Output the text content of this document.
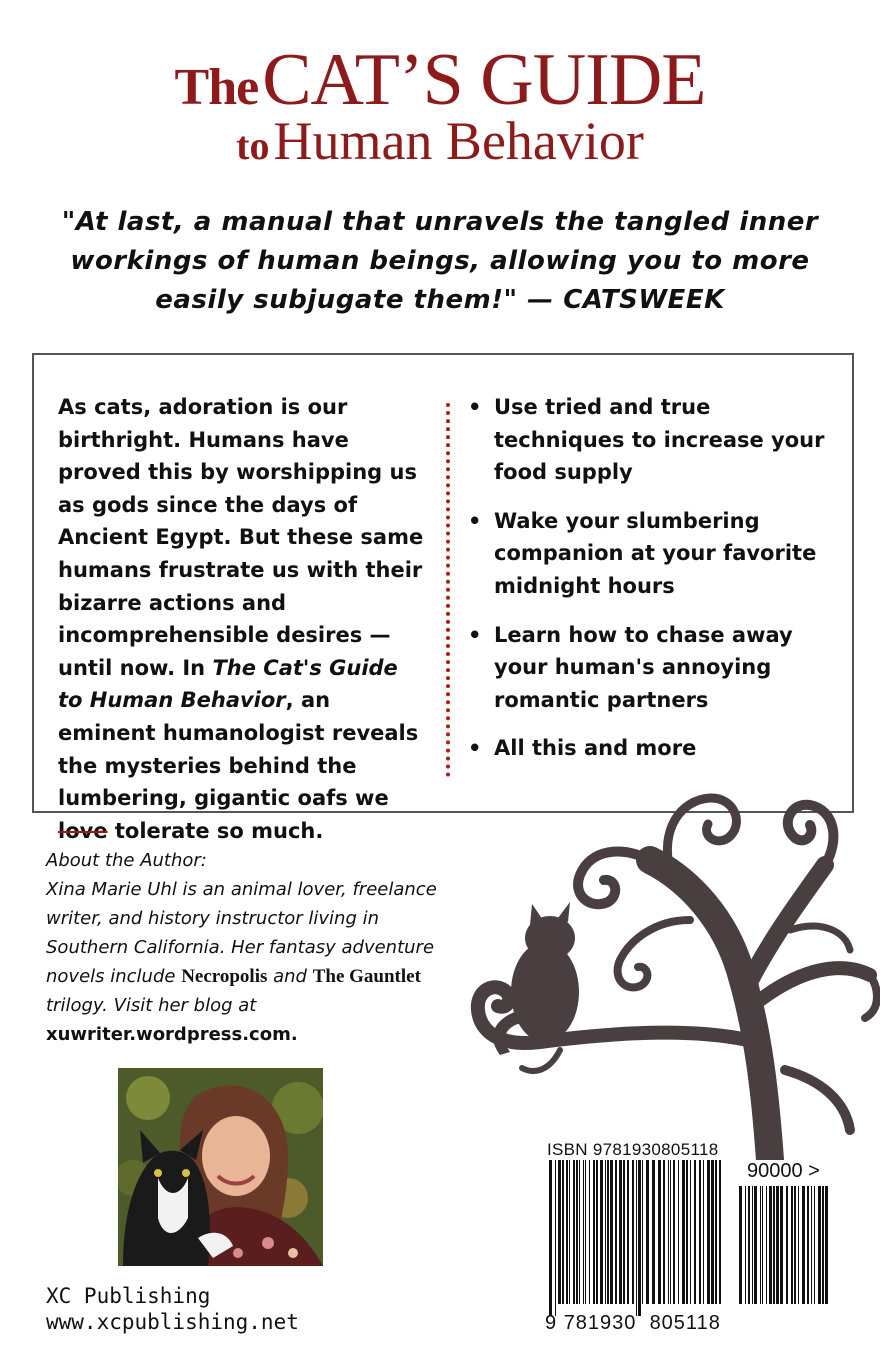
The CAT’S GUIDE
to Human Behavior
"At last, a manual that unravels the tangled inner workings of human beings, allowing you to more easily subjugate them!" — CATSWEEK
As cats, adoration is our birthright. Humans have proved this by worshipping us as gods since the days of Ancient Egypt. But these same humans frustrate us with their bizarre actions and incomprehensible desires — until now. In The Cat's Guide to Human Behavior, an eminent humanologist reveals the mysteries behind the lumbering, gigantic oafs we love tolerate so much.
• Use tried and true techniques to increase your food supply
• Wake your slumbering companion at your favorite midnight hours
• Learn how to chase away your human's annoying romantic partners
• All this and more
About the Author:
Xina Marie Uhl is an animal lover, freelance writer, and history instructor living in Southern California. Her fantasy adventure novels include Necropolis and The Gauntlet trilogy. Visit her blog at xuwriter.wordpress.com.
XC Publishing
www.xcpublishing.net
ISBN 9781930805118
90000 >
9 781930 805118
